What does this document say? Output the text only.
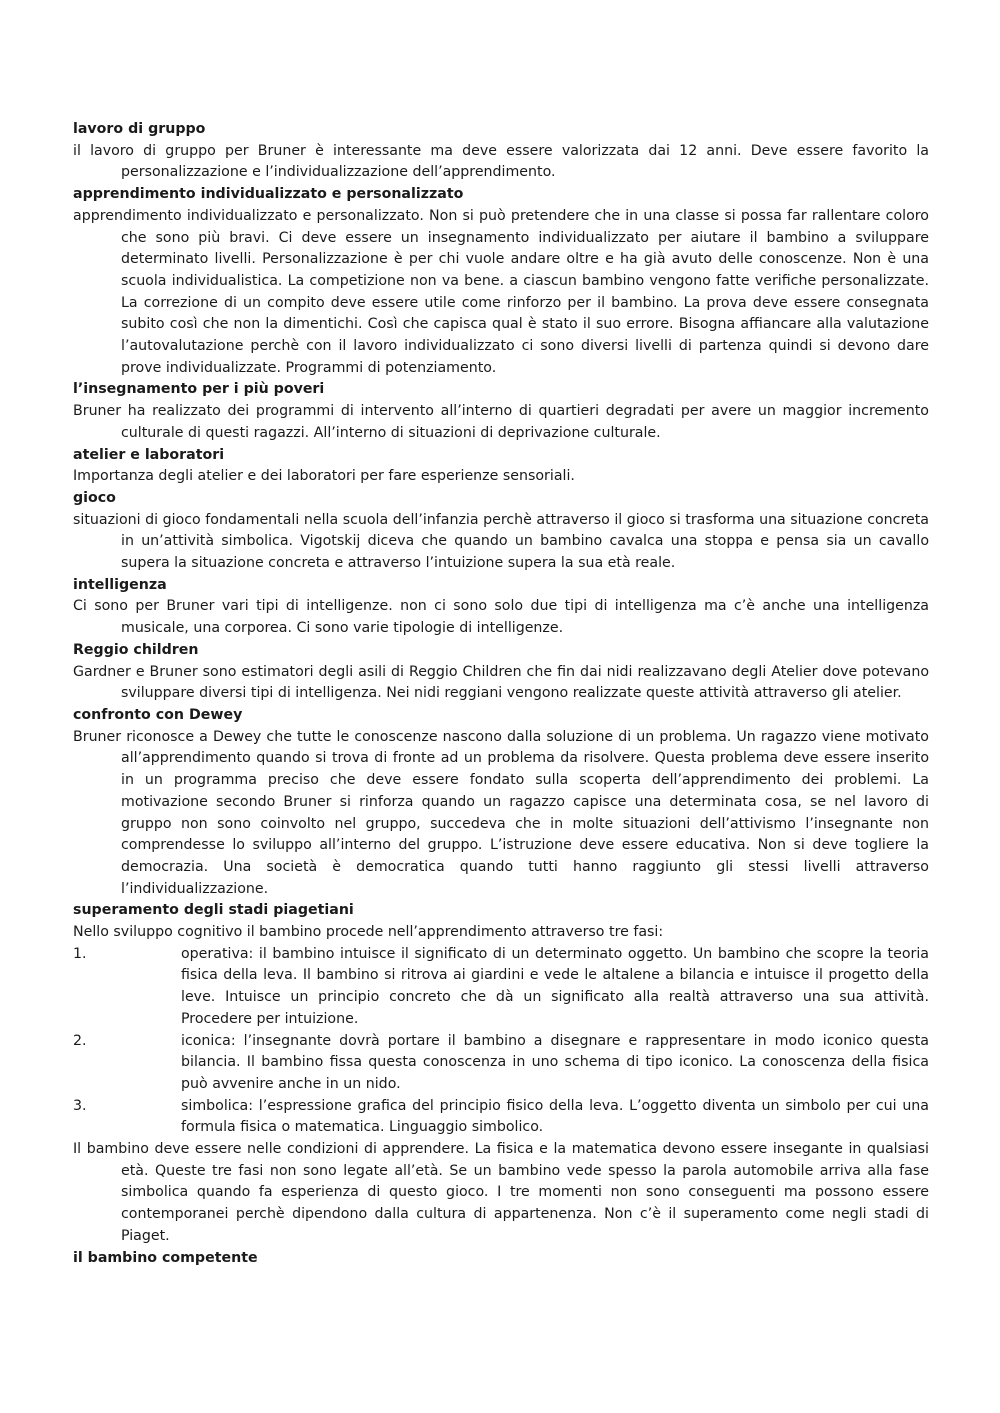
lavoro di gruppo

il lavoro di gruppo per Bruner è interessante ma deve essere valorizzata dai 12 anni. Deve essere favorito la personalizzazione e l’individualizzazione dell’apprendimento.

apprendimento individualizzato e personalizzato

apprendimento individualizzato e personalizzato. Non si può pretendere che in una classe si possa far rallentare coloro che sono più bravi. Ci deve essere un insegnamento individualizzato per aiutare il bambino a sviluppare determinato livelli. Personalizzazione è per chi vuole andare oltre e ha già avuto delle conoscenze. Non è una scuola individualistica. La competizione non va bene. a ciascun bambino vengono fatte verifiche personalizzate. La correzione di un compito deve essere utile come rinforzo per il bambino. La prova deve essere consegnata subito così che non la dimentichi. Così che capisca qual è stato il suo errore. Bisogna affiancare alla valutazione l’autovalutazione perchè con il lavoro individualizzato ci sono diversi livelli di partenza quindi si devono dare prove individualizzate. Programmi di potenziamento.

l’insegnamento per i più poveri

Bruner ha realizzato dei programmi di intervento all’interno di quartieri degradati per avere un maggior incremento culturale di questi ragazzi. All’interno di situazioni di deprivazione culturale.

atelier e laboratori

Importanza degli atelier e dei laboratori per fare esperienze sensoriali.

gioco

situazioni di gioco fondamentali nella scuola dell’infanzia perchè attraverso il gioco si trasforma una situazione concreta in un’attività simbolica. Vigotskij diceva che quando un bambino cavalca una stoppa e pensa sia un cavallo supera la situazione concreta e attraverso l’intuizione supera la sua età reale.

intelligenza

Ci sono per Bruner vari tipi di intelligenze. non ci sono solo due tipi di intelligenza ma c’è anche una intelligenza musicale, una corporea. Ci sono varie tipologie di intelligenze.

Reggio children

Gardner e Bruner sono estimatori degli asili di Reggio Children che fin dai nidi realizzavano degli Atelier dove potevano sviluppare diversi tipi di intelligenza. Nei nidi reggiani vengono realizzate queste attività attraverso gli atelier.

confronto con Dewey

Bruner riconosce a Dewey che tutte le conoscenze nascono dalla soluzione di un problema. Un ragazzo viene motivato all’apprendimento quando si trova di fronte ad un problema da risolvere. Questa problema deve essere inserito in un programma preciso che deve essere fondato sulla scoperta dell’apprendimento dei problemi. La motivazione secondo Bruner si rinforza quando un ragazzo capisce una determinata cosa, se nel lavoro di gruppo non sono coinvolto nel gruppo, succedeva che in molte situazioni dell’attivismo l’insegnante non comprendesse lo sviluppo all’interno del gruppo. L’istruzione deve essere educativa. Non si deve togliere la democrazia. Una società è democratica quando tutti hanno raggiunto gli stessi livelli attraverso l’individualizzazione.

superamento degli stadi piagetiani

Nello sviluppo cognitivo il bambino procede nell’apprendimento attraverso tre fasi:

1.	operativa: il bambino intuisce il significato di un determinato oggetto. Un bambino che scopre la teoria fisica della leva. Il bambino si ritrova ai giardini e vede le altalene a bilancia e intuisce il progetto della leve. Intuisce un principio concreto che dà un significato alla realtà attraverso una sua attività. Procedere per intuizione.
2.	iconica: l’insegnante dovrà portare il bambino a disegnare e rappresentare in modo iconico questa bilancia. Il bambino fissa questa conoscenza in uno schema di tipo iconico. La conoscenza della fisica può avvenire anche in un nido.
3.	simbolica: l’espressione grafica del principio fisico della leva. L’oggetto diventa un simbolo per cui una formula fisica o matematica. Linguaggio simbolico.

Il bambino deve essere nelle condizioni di apprendere. La fisica e la matematica devono essere insegante in qualsiasi età. Queste tre fasi non sono legate all’età. Se un bambino vede spesso la parola automobile arriva alla fase simbolica quando fa esperienza di questo gioco. I tre momenti non sono conseguenti ma possono essere contemporanei perchè dipendono dalla cultura di appartenenza. Non c’è il superamento come negli stadi di Piaget.

il bambino competente
